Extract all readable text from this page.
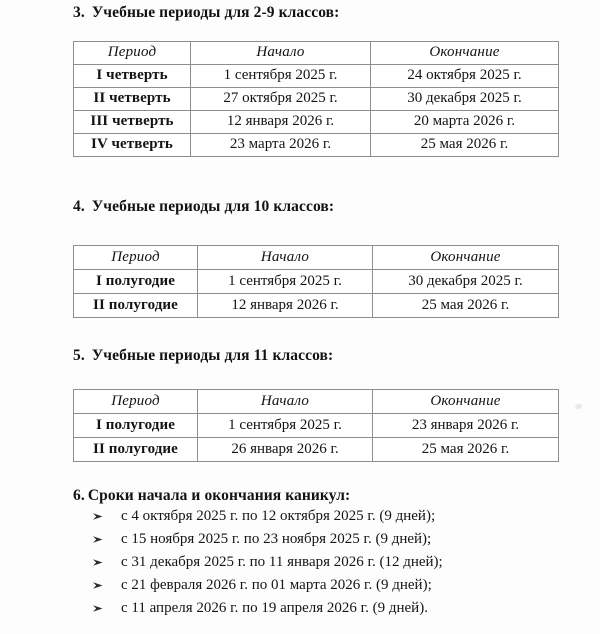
3. Учебные периоды для 2-9 классов:
Период	Начало	Окончание
I четверть	1 сентября 2025 г.	24 октября 2025 г.
II четверть	27 октября 2025 г.	30 декабря 2025 г.
III четверть	12 января 2026 г.	20 марта 2026 г.
IV четверть	23 марта 2026 г.	25 мая 2026 г.
4. Учебные периоды для 10 классов:
Период	Начало	Окончание
I полугодие	1 сентября 2025 г.	30 декабря 2025 г.
II полугодие	12 января 2026 г.	25 мая 2026 г.
5. Учебные периоды для 11 классов:
Период	Начало	Окончание
I полугодие	1 сентября 2025 г.	23 января 2026 г.
II полугодие	26 января 2026 г.	25 мая 2026 г.
6. Сроки начала и окончания каникул:
с 4 октября 2025 г. по 12 октября 2025 г. (9 дней);
с 15 ноября 2025 г. по 23 ноября 2025 г. (9 дней);
с 31 декабря 2025 г. по 11 января 2026 г. (12 дней);
с 21 февраля 2026 г. по 01 марта 2026 г. (9 дней);
с 11 апреля 2026 г. по 19 апреля 2026 г. (9 дней).
